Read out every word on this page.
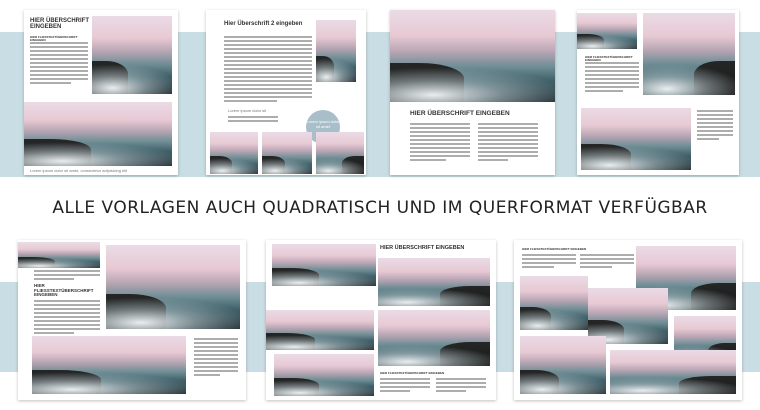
HIER ÜBERSCHRIFT EINGEBEN
HIER FLIESSTEXTÜBERSCHRIFT EINGEBEN
Lorem ipsum dolor sit amet, consectetur adipisicing elit
Hier Überschrift 2 eingeben
Lorem ipsum dolor sit
Lorem ipsum dolor sit amet
HIER ÜBERSCHRIFT EINGEBEN
HIER FLIESSTEXTÜBERSCHRIFT EINGEBEN
ALLE VORLAGEN AUCH QUADRATISCH UND IM QUERFORMAT VERFÜGBAR
HIER FLIESSTEXTÜBERSCHRIFT EINGEBEN
HIER ÜBERSCHRIFT EINGEBEN
HIER FLIESSTEXTÜBERSCHRIFT EINGEBEN
HIER FLIESSTEXTÜBERSCHRIFT EINGEBEN
